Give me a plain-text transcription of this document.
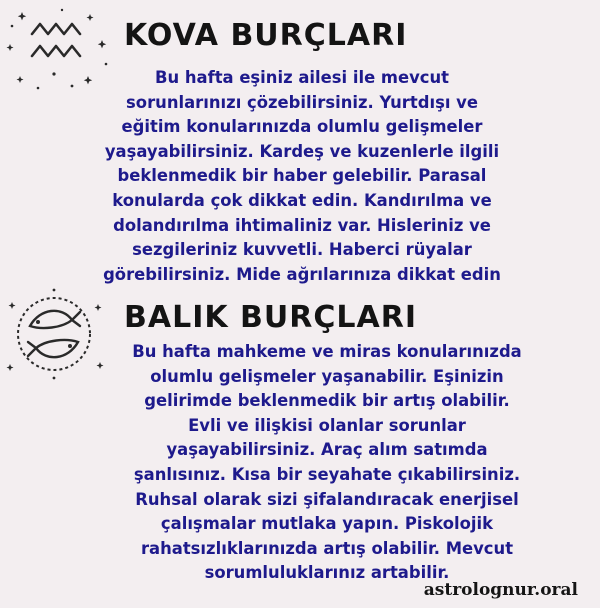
KOVA BURÇLARI
Bu hafta eşiniz ailesi ile mevcut
sorunlarınızı çözebilirsiniz. Yurtdışı ve
eğitim konularınızda olumlu gelişmeler
yaşayabilirsiniz. Kardeş ve kuzenlerle ilgili
beklenmedik bir haber gelebilir. Parasal
konularda çok dikkat edin. Kandırılma ve
dolandırılma ihtimaliniz var. Hisleriniz ve
sezgileriniz kuvvetli. Haberci rüyalar
görebilirsiniz. Mide ağrılarınıza dikkat edin
BALIK BURÇLARI
Bu hafta mahkeme ve miras konularınızda
olumlu gelişmeler yaşanabilir. Eşinizin
gelirimde beklenmedik bir artış olabilir.
Evli ve ilişkisi olanlar sorunlar
yaşayabilirsiniz. Araç alım satımda
şanlısınız. Kısa bir seyahate çıkabilirsiniz.
Ruhsal olarak sizi şifalandıracak enerjisel
çalışmalar mutlaka yapın. Piskolojik
rahatsızlıklarınızda artış olabilir. Mevcut
sorumluluklarınız artabilir.
astrolognur.oral
